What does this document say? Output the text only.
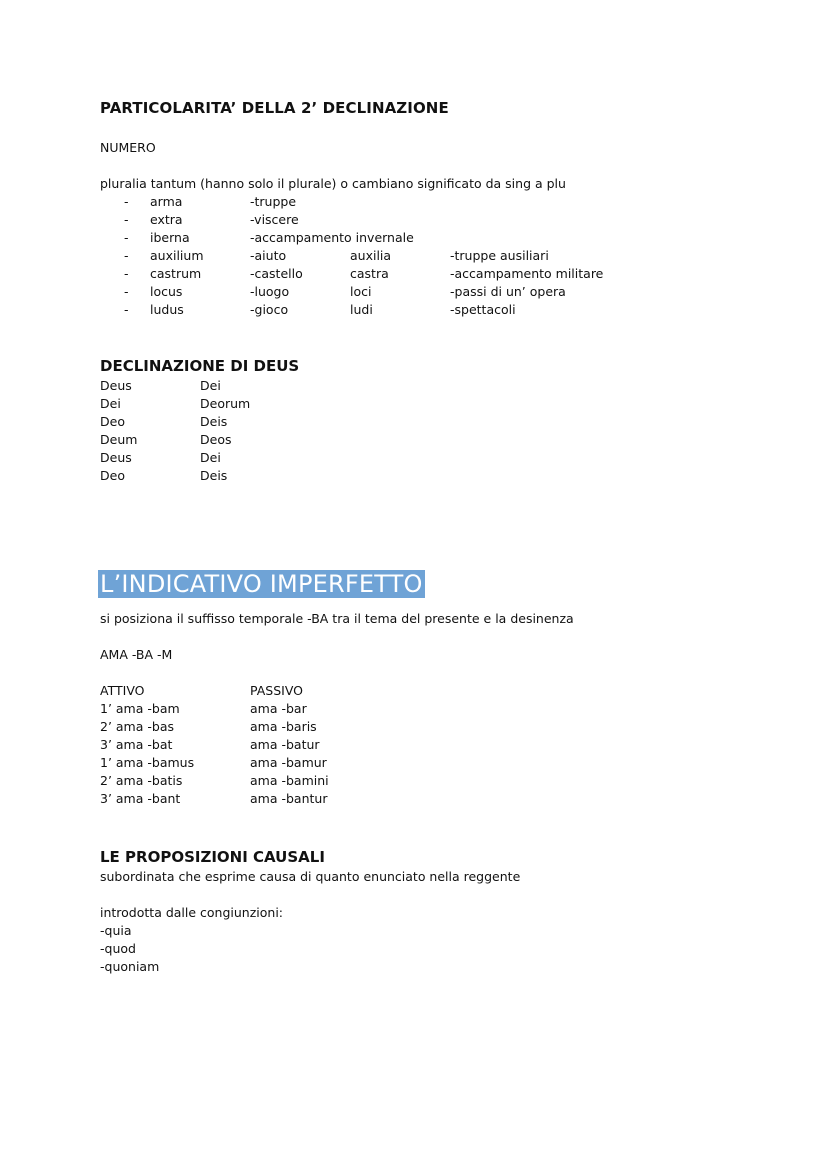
PARTICOLARITA’ DELLA 2’ DECLINAZIONE
NUMERO
pluralia tantum (hanno solo il plurale) o cambiano significato da sing a plu
- arma	-truppe
- extra	-viscere
- iberna	-accampamento invernale
- auxilium	-aiuto	auxilia	-truppe ausiliari
- castrum	-castello	castra	-accampamento militare
- locus	-luogo	loci	-passi di un’ opera
- ludus	-gioco	ludi	-spettacoli
DECLINAZIONE DI DEUS
Deus	Dei
Dei	Deorum
Deo	Deis
Deum	Deos
Deus	Dei
Deo	Deis
L’INDICATIVO IMPERFETTO
si posiziona il suffisso temporale -BA tra il tema del presente e la desinenza
AMA -BA -M
ATTIVO	PASSIVO
1’ ama -bam	ama -bar
2’ ama -bas	ama -baris
3’ ama -bat	ama -batur
1’ ama -bamus	ama -bamur
2’ ama -batis	ama -bamini
3’ ama -bant	ama -bantur
LE PROPOSIZIONI CAUSALI
subordinata che esprime causa di quanto enunciato nella reggente
introdotta dalle congiunzioni:
-quia
-quod
-quoniam
